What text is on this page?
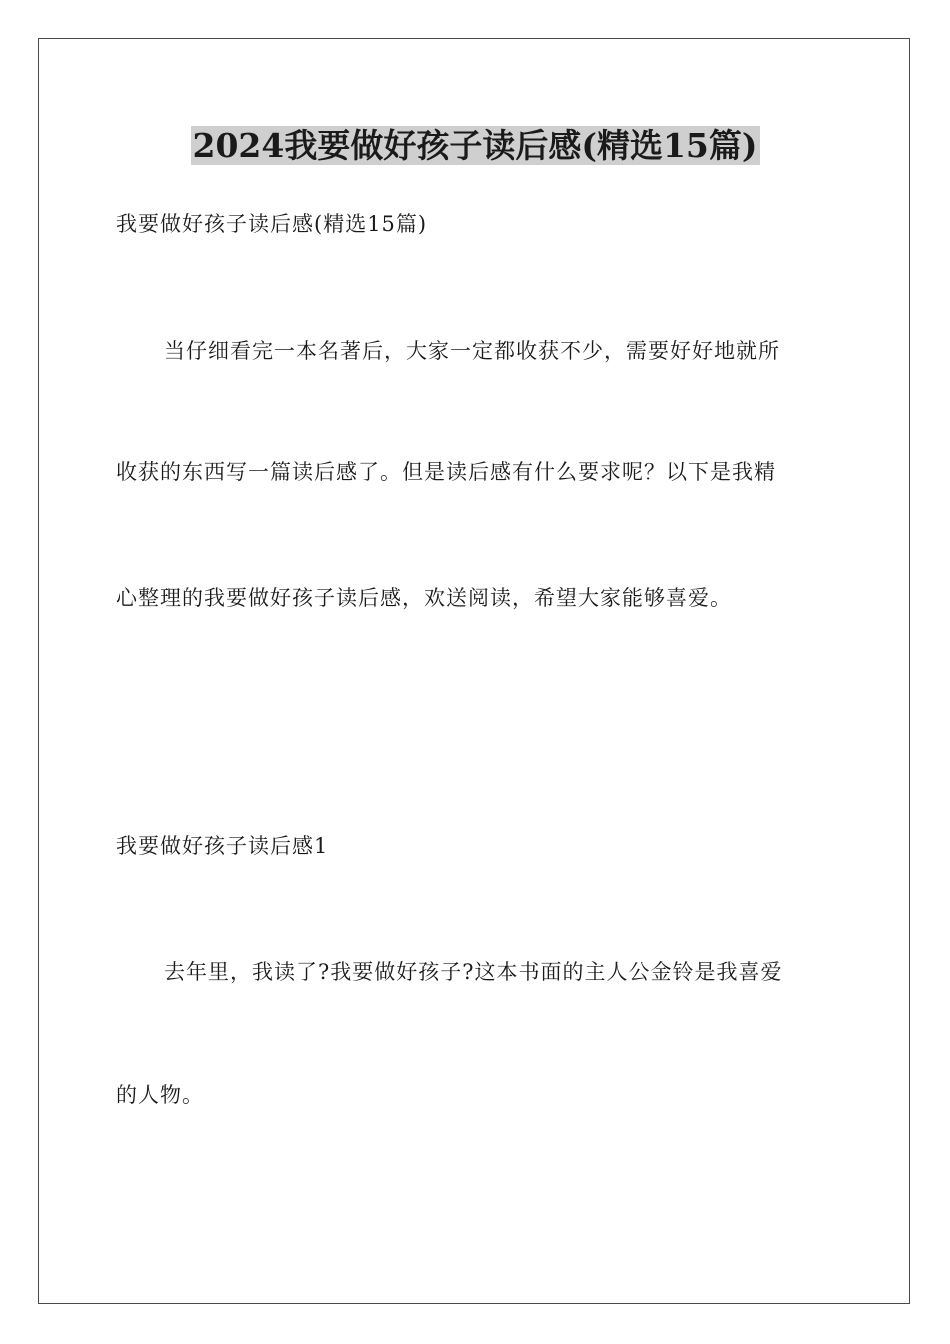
2024我要做好孩子读后感(精选15篇)
我要做好孩子读后感(精选15篇)
当仔细看完一本名著后，大家一定都收获不少，需要好好地就所
收获的东西写一篇读后感了。但是读后感有什么要求呢？以下是我精
心整理的我要做好孩子读后感，欢送阅读，希望大家能够喜爱。
我要做好孩子读后感1
去年里，我读了?我要做好孩子?这本书面的主人公金铃是我喜爱
的人物。
